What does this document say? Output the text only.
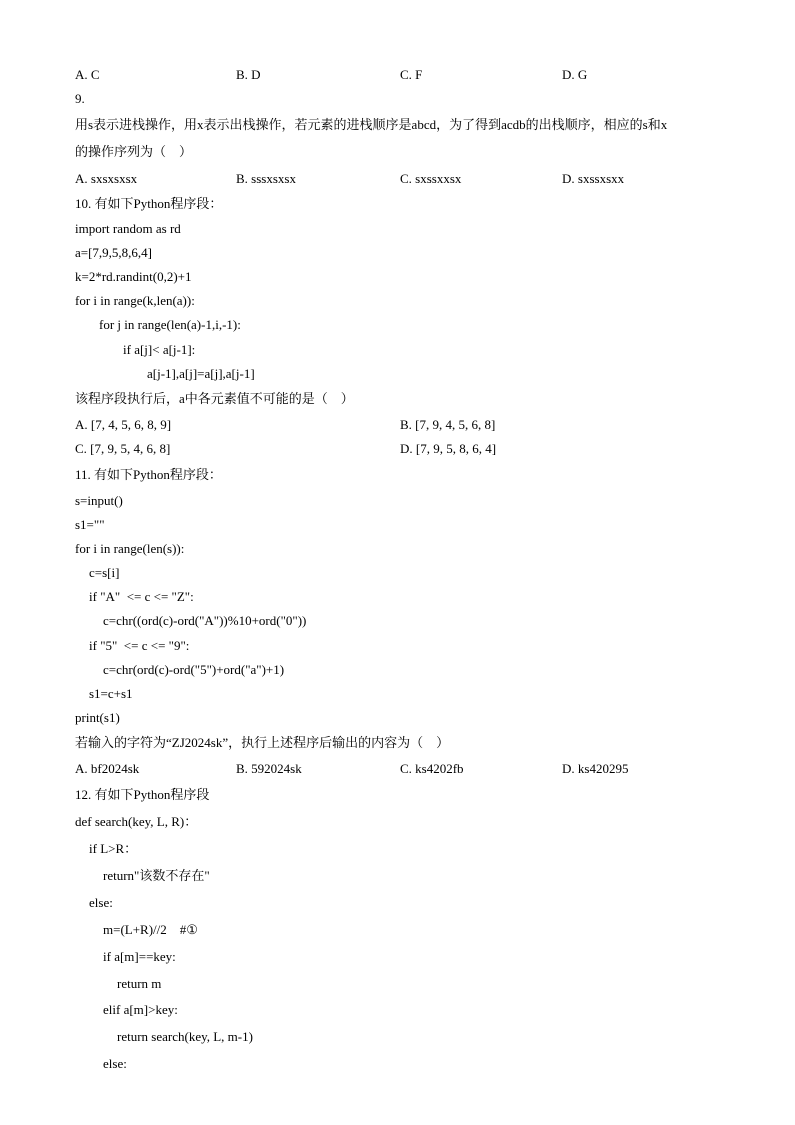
A. C	B. D	C. F	D. G
9.
用s表示进栈操作，用x表示出栈操作，若元素的进栈顺序是abcd，为了得到acdb的出栈顺序，相应的s和x
的操作序列为（    ）
A. sxsxsxsx	B. sssxsxsx	C. sxssxxsx	D. sxssxsxx
10. 有如下Python程序段：
import random as rd
a=[7,9,5,8,6,4]
k=2*rd.randint(0,2)+1
for i in range(k,len(a)):
for j in range(len(a)-1,i,-1):
if a[j]< a[j-1]:
a[j-1],a[j]=a[j],a[j-1]
该程序段执行后，a中各元素值不可能的是（    ）
A. [7, 4, 5, 6, 8, 9]	B. [7, 9, 4, 5, 6, 8]
C. [7, 9, 5, 4, 6, 8]	D. [7, 9, 5, 8, 6, 4]
11. 有如下Python程序段：
s=input()
s1=""
for i in range(len(s)):
c=s[i]
if "A"  <= c <= "Z":
c=chr((ord(c)-ord("A"))%10+ord("0"))
if "5"  <= c <= "9":
c=chr(ord(c)-ord("5")+ord("a")+1)
s1=c+s1
print(s1)
若输入的字符为“ZJ2024sk”，执行上述程序后输出的内容为（    ）
A. bf2024sk	B. 592024sk	C. ks4202fb	D. ks420295
12. 有如下Python程序段
def search(key, L, R)：
if L>R：
return"该数不存在"
else:
m=(L+R)//2    #①
if a[m]==key:
return m
elif a[m]>key:
return search(key, L, m-1)
else:
